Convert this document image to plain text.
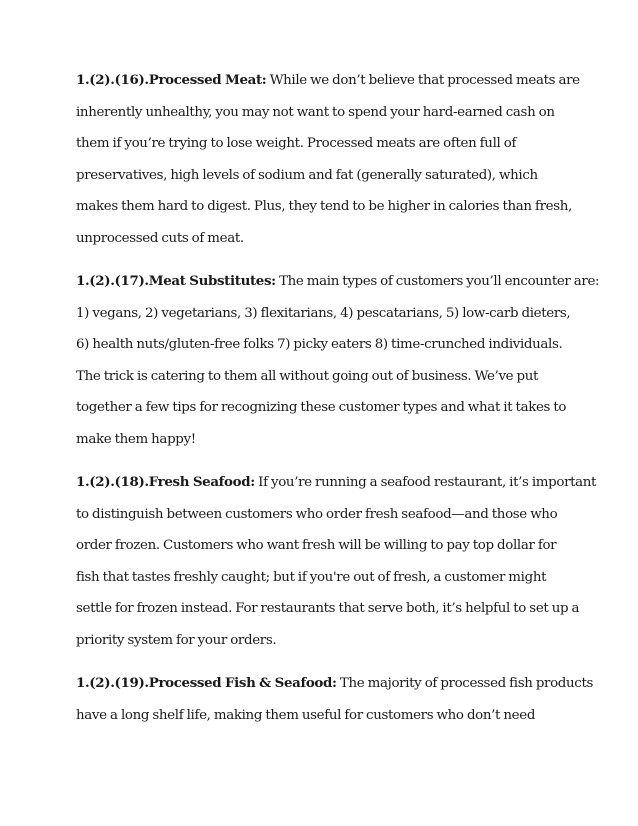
1.(2).(16).Processed Meat: While we don’t believe that processed meats are
inherently unhealthy, you may not want to spend your hard-earned cash on
them if you’re trying to lose weight. Processed meats are often full of
preservatives, high levels of sodium and fat (generally saturated), which
makes them hard to digest. Plus, they tend to be higher in calories than fresh,
unprocessed cuts of meat.

1.(2).(17).Meat Substitutes: The main types of customers you’ll encounter are:
1) vegans, 2) vegetarians, 3) flexitarians, 4) pescatarians, 5) low-carb dieters,
6) health nuts/gluten-free folks 7) picky eaters 8) time-crunched individuals.
The trick is catering to them all without going out of business. We’ve put
together a few tips for recognizing these customer types and what it takes to
make them happy!

1.(2).(18).Fresh Seafood: If you’re running a seafood restaurant, it’s important
to distinguish between customers who order fresh seafood—and those who
order frozen. Customers who want fresh will be willing to pay top dollar for
fish that tastes freshly caught; but if you're out of fresh, a customer might
settle for frozen instead. For restaurants that serve both, it’s helpful to set up a
priority system for your orders.

1.(2).(19).Processed Fish & Seafood: The majority of processed fish products
have a long shelf life, making them useful for customers who don’t need
